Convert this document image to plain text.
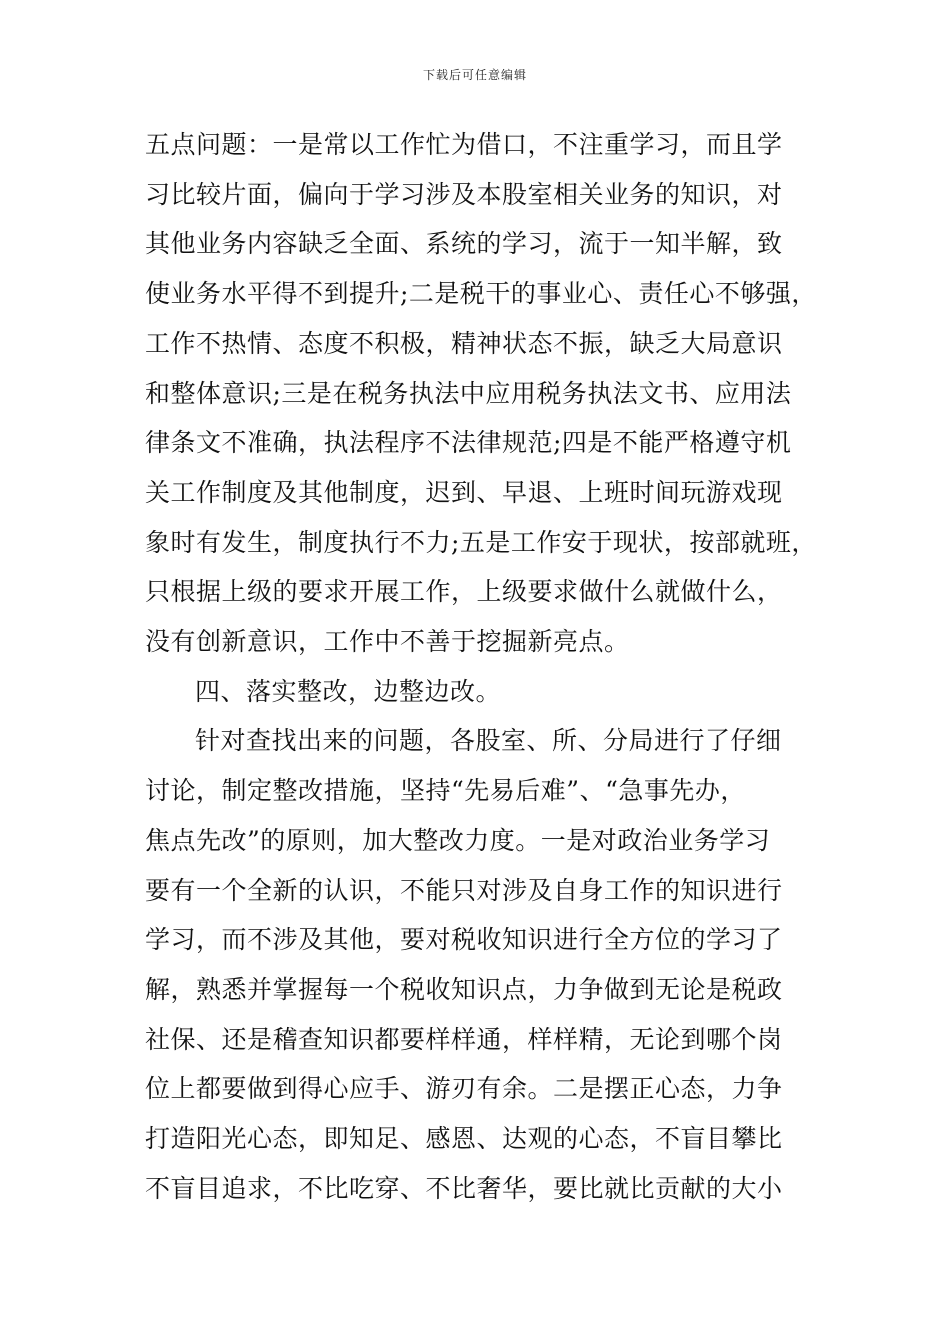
下载后可任意编辑
五点问题：一是常以工作忙为借口，不注重学习，而且学
习比较片面，偏向于学习涉及本股室相关业务的知识，对
其他业务内容缺乏全面、系统的学习，流于一知半解，致
使业务水平得不到提升;二是税干的事业心、责任心不够强，
工作不热情、态度不积极，精神状态不振，缺乏大局意识
和整体意识;三是在税务执法中应用税务执法文书、应用法
律条文不准确，执法程序不法律规范;四是不能严格遵守机
关工作制度及其他制度，迟到、早退、上班时间玩游戏现
象时有发生，制度执行不力;五是工作安于现状，按部就班，
只根据上级的要求开展工作，上级要求做什么就做什么，
没有创新意识，工作中不善于挖掘新亮点。
四、落实整改，边整边改。
针对查找出来的问题，各股室、所、分局进行了仔细
讨论，制定整改措施，坚持“先易后难”、“急事先办，
焦点先改”的原则，加大整改力度。一是对政治业务学习
要有一个全新的认识，不能只对涉及自身工作的知识进行
学习，而不涉及其他，要对税收知识进行全方位的学习了
解，熟悉并掌握每一个税收知识点，力争做到无论是税政
社保、还是稽查知识都要样样通，样样精，无论到哪个岗
位上都要做到得心应手、游刃有余。二是摆正心态，力争
打造阳光心态，即知足、感恩、达观的心态，不盲目攀比
不盲目追求，不比吃穿、不比奢华，要比就比贡献的大小
